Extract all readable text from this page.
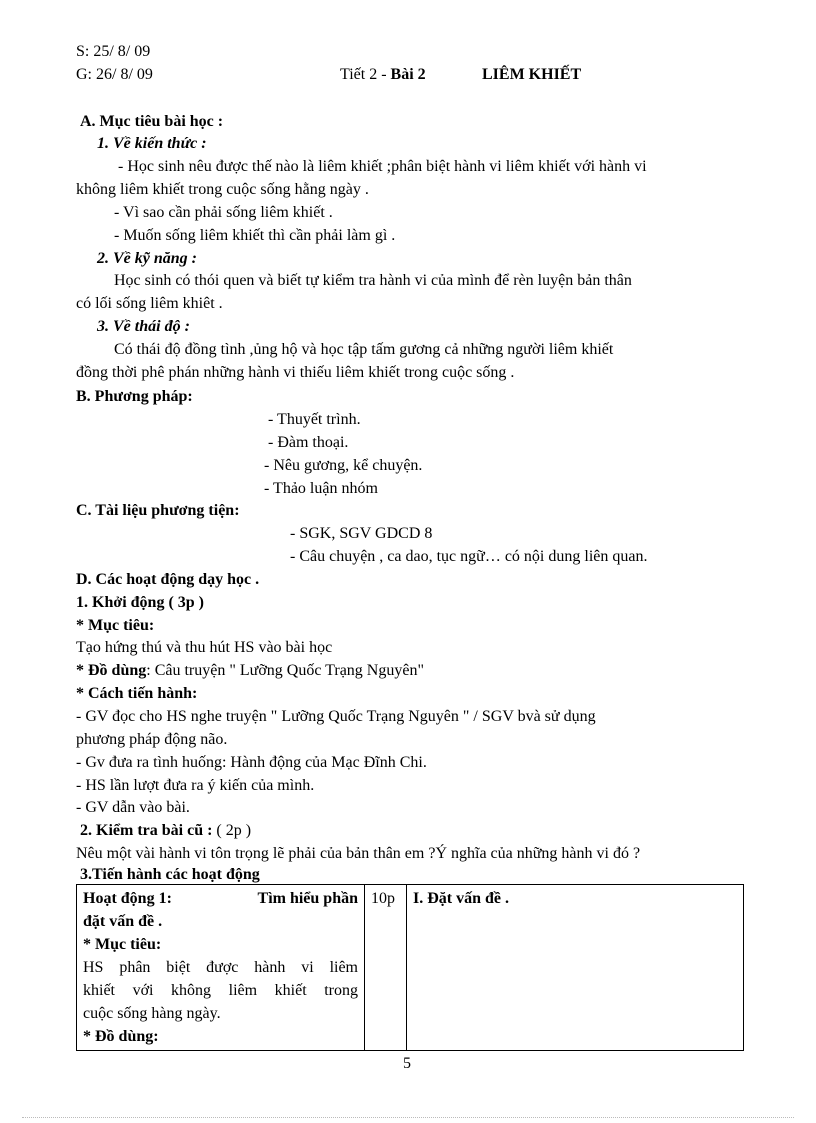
S: 25/ 8/ 09
G: 26/ 8/ 09	Tiết 2 - Bài 2	LIÊM KHIẾT
A. Mục tiêu bài học :
1. Về kiến thức :
- Học sinh nêu được thế nào là liêm khiết ;phân biệt hành vi liêm khiết với hành vi
không liêm khiết trong cuộc sống hằng ngày .
- Vì sao cần phải sống liêm khiết .
- Muốn sống liêm khiết thì cần phải làm gì .
2. Về kỹ năng :
Học sinh có thói quen và biết tự kiểm tra hành vi của mình để rèn luyện bản thân
có lối sống liêm khiêt .
3. Về thái độ :
Có thái độ đồng tình ,ủng hộ và học tập tấm gương cả những người liêm khiết
đồng thời phê phán những hành vi thiếu liêm khiết trong cuộc sống .
B. Phương pháp:
- Thuyết trình.
- Đàm thoại.
- Nêu gương, kể chuyện.
- Thảo luận nhóm
C. Tài liệu phương tiện:
- SGK, SGV GDCD 8
- Câu chuyện , ca dao, tục ngữ… có nội dung liên quan.
D. Các hoạt động dạy học .
1. Khởi động ( 3p )
* Mục tiêu:
Tạo hứng thú và thu hút HS vào bài học
* Đồ dùng: Câu truyện " Lưỡng Quốc Trạng Nguyên"
* Cách tiến hành:
- GV đọc cho HS nghe truyện " Lưỡng Quốc Trạng Nguyên " / SGV bvà sử dụng
phương pháp động não.
- Gv đưa ra tình huống: Hành động của Mạc Đĩnh Chi.
- HS lần lượt đưa ra ý kiến của mình.
- GV dẫn vào bài.
2. Kiểm tra bài cũ : ( 2p )
Nêu một vài hành vi tôn trọng lẽ phải của bản thân em ?Ý nghĩa của những hành vi đó ?
3.Tiến hành các hoạt động
Hoạt động 1:	Tìm hiểu phần
đặt vấn đề .
* Mục tiêu:
HS phân biệt được hành vi liêm
khiết với không liêm khiết trong
cuộc sống hàng ngày.
* Đồ dùng:
	10p	I. Đặt vấn đề .
5
